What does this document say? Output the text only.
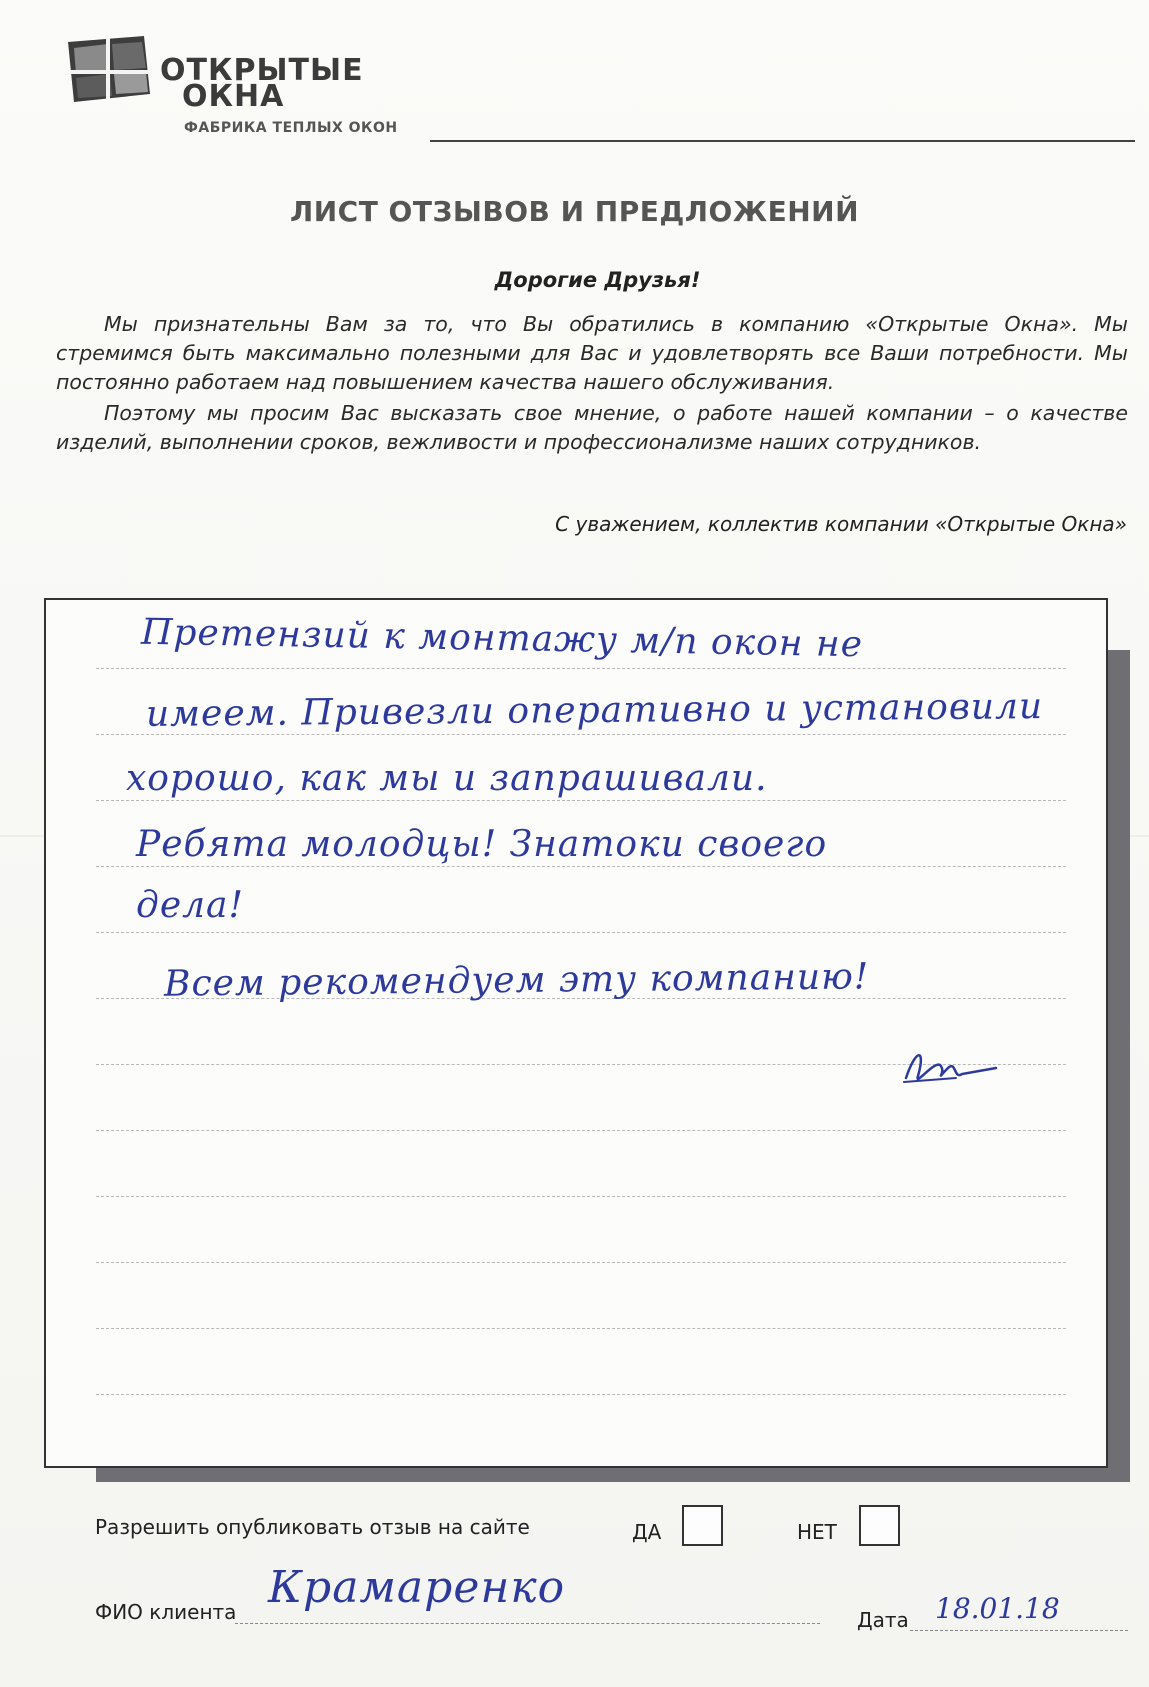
ОТКРЫТЫЕ
ОКНА
ФАБРИКА ТЕПЛЫХ ОКОН
ЛИСТ ОТЗЫВОВ И ПРЕДЛОЖЕНИЙ
Дорогие Друзья!

Мы признательны Вам за то, что Вы обратились в компанию «Открытые Окна». Мы стремимся быть максимально полезными для Вас и удовлетворять все Ваши потребности. Мы постоянно работаем над повышением качества нашего обслуживания.

Поэтому мы просим Вас высказать свое мнение, о работе нашей компании – о качестве изделий, выполнении сроков, вежливости и профессионализме наших сотрудников.

С уважением, коллектив компании «Открытые Окна»
Претензий к монтажу м/п окон не
имеем. Привезли оперативно и установили
хорошо, как мы и запрашивали.
Ребята молодцы! Знатоки своего
дела!
Всем рекомендуем эту компанию!
Разрешить опубликовать отзыв на сайте	ДА	НЕТ
ФИО клиента Крамаренко
Дата 18.01.18
